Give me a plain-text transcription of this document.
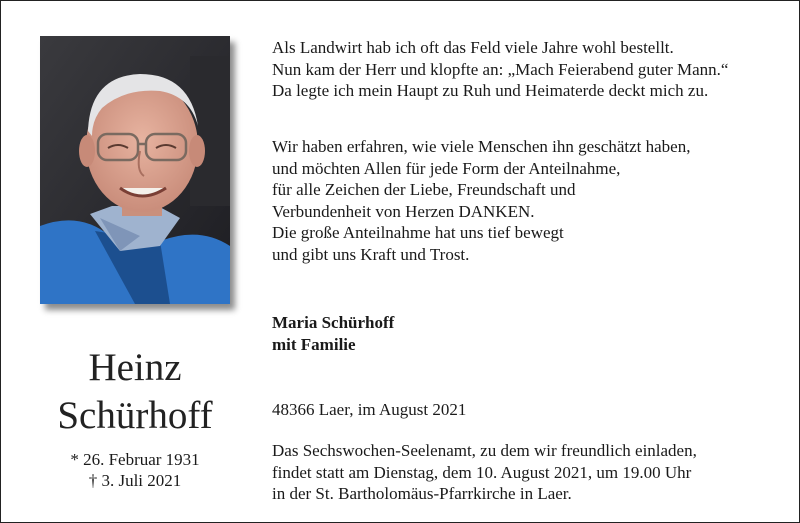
Heinz
Schürhoff
* 26. Februar 1931
† 3. Juli 2021

Als Landwirt hab ich oft das Feld viele Jahre wohl bestellt.

Nun kam der Herr und klopfte an: „Mach Feierabend guter Mann.“

Da legte ich mein Haupt zu Ruh und Heimaterde deckt mich zu.

Wir haben erfahren, wie viele Menschen ihn geschätzt haben,

und möchten Allen für jede Form der Anteilnahme,

für alle Zeichen der Liebe, Freundschaft und

Verbundenheit von Herzen DANKEN.

Die große Anteilnahme hat uns tief bewegt

und gibt uns Kraft und Trost.

Maria Schürhoff

mit Familie

48366 Laer, im August 2021

Das Sechswochen-Seelenamt, zu dem wir freundlich einladen,

findet statt am Dienstag, dem 10. August 2021, um 19.00 Uhr

in der St. Bartholomäus-Pfarrkirche in Laer.
